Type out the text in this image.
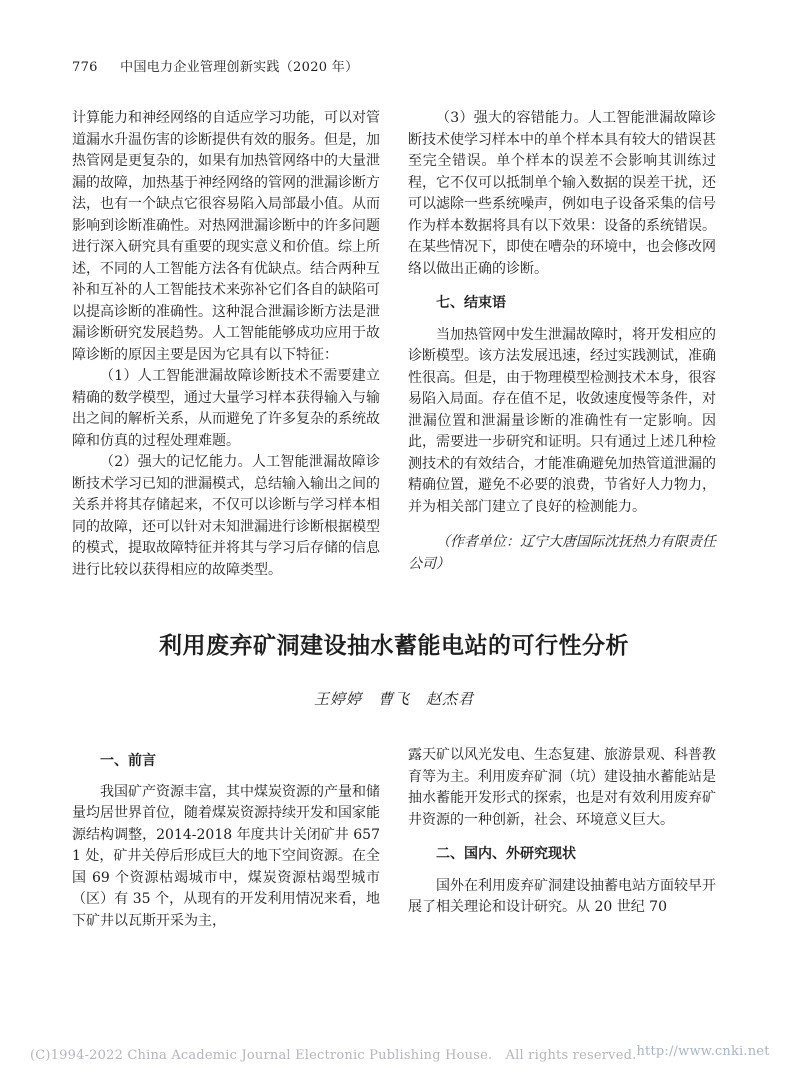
776 中国电力企业管理创新实践（2020 年）

计算能力和神经网络的自适应学习功能，可以对管道漏水升温伤害的诊断提供有效的服务。但是，加热管网是更复杂的，如果有加热管网络中的大量泄漏的故障，加热基于神经网络的管网的泄漏诊断方法，也有一个缺点它很容易陷入局部最小值。从而影响到诊断准确性。对热网泄漏诊断中的许多问题进行深入研究具有重要的现实意义和价值。综上所述，不同的人工智能方法各有优缺点。结合两种互补和互补的人工智能技术来弥补它们各自的缺陷可以提高诊断的准确性。这种混合泄漏诊断方法是泄漏诊断研究发展趋势。人工智能能够成功应用于故障诊断的原因主要是因为它具有以下特征：

（1）人工智能泄漏故障诊断技术不需要建立精确的数学模型，通过大量学习样本获得输入与输出之间的解析关系，从而避免了许多复杂的系统故障和仿真的过程处理难题。

（2）强大的记忆能力。人工智能泄漏故障诊断技术学习已知的泄漏模式，总结输入输出之间的关系并将其存储起来，不仅可以诊断与学习样本相同的故障，还可以针对未知泄漏进行诊断根据模型的模式，提取故障特征并将其与学习后存储的信息进行比较以获得相应的故障类型。

（3）强大的容错能力。人工智能泄漏故障诊断技术使学习样本中的单个样本具有较大的错误甚至完全错误。单个样本的误差不会影响其训练过程，它不仅可以抵制单个输入数据的误差干扰，还可以滤除一些系统噪声，例如电子设备采集的信号作为样本数据将具有以下效果：设备的系统错误。在某些情况下，即使在嘈杂的环境中，也会修改网络以做出正确的诊断。

七、结束语

当加热管网中发生泄漏故障时，将开发相应的诊断模型。该方法发展迅速，经过实践测试，准确性很高。但是，由于物理模型检测技术本身，很容易陷入局面。存在值不足，收敛速度慢等条件，对泄漏位置和泄漏量诊断的准确性有一定影响。因此，需要进一步研究和证明。只有通过上述几种检测技术的有效结合，才能准确避免加热管道泄漏的精确位置，避免不必要的浪费，节省好人力物力，并为相关部门建立了良好的检测能力。

（作者单位：辽宁大唐国际沈抚热力有限责任公司）

利用废弃矿洞建设抽水蓄能电站的可行性分析
王婷婷　曹飞　赵杰君
一、前言

我国矿产资源丰富，其中煤炭资源的产量和储量均居世界首位，随着煤炭资源持续开发和国家能源结构调整，2014-2018 年度共计关闭矿井 6571 处，矿井关停后形成巨大的地下空间资源。在全国 69 个资源枯竭城市中，煤炭资源枯竭型城市（区）有 35 个，从现有的开发利用情况来看，地下矿井以瓦斯开采为主，

露天矿以风光发电、生态复建、旅游景观、科普教育等为主。利用废弃矿洞（坑）建设抽水蓄能站是抽水蓄能开发形式的探索，也是对有效利用废弃矿井资源的一种创新，社会、环境意义巨大。

二、国内、外研究现状

国外在利用废弃矿洞建设抽蓄电站方面较早开展了相关理论和设计研究。从 20 世纪 70

(C)1994-2022 China Academic Journal Electronic Publishing House.　All rights reserved. http://www.cnki.net
